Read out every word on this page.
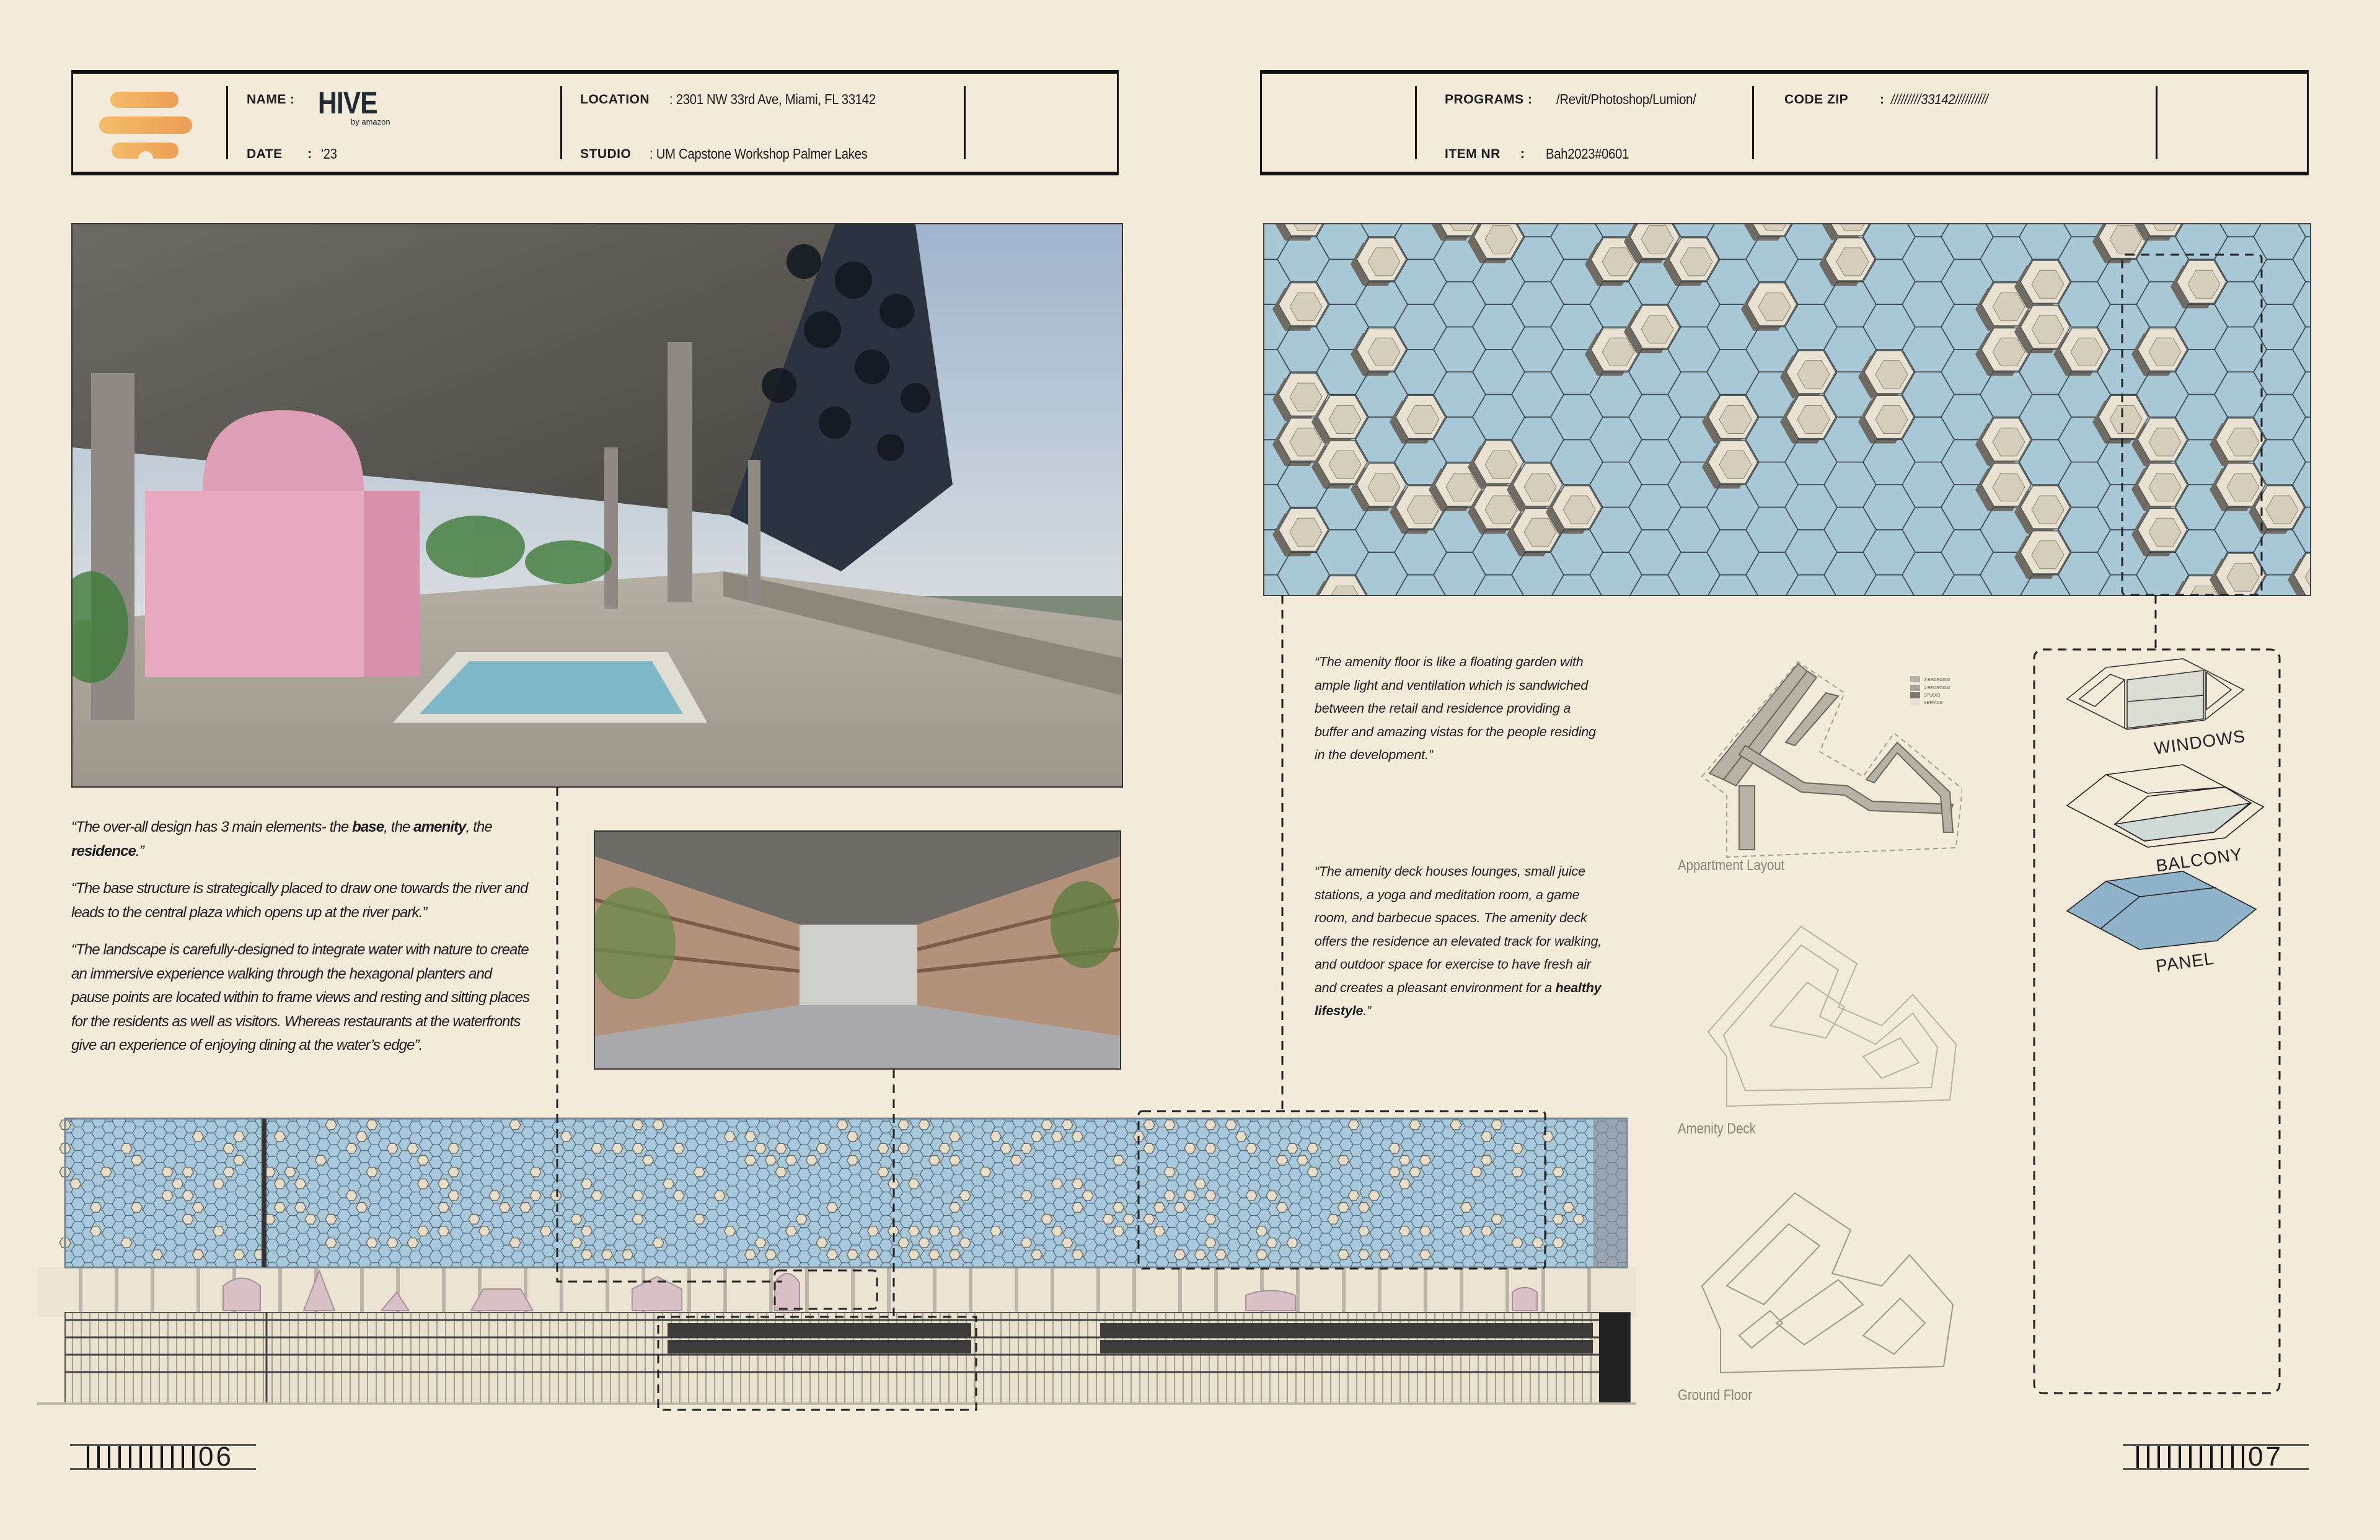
NAME : HIVE
by amazon
DATE : '23
LOCATION : 2301 NW 33rd Ave, Miami, FL 33142
STUDIO : UM Capstone Workshop Palmer Lakes
PROGRAMS : /Revit/Photoshop/Lumion/
ITEM NR : Bah2023#0601
CODE ZIP : /////////33142//////////

“The over-all design has 3 main elements- the base, the amenity, the residence.”

“The base structure is strategically placed to draw one towards the river and leads to the central plaza which opens up at the river park.”

“The landscape is carefully-designed to integrate water with nature to create an immersive experience walking through the hexagonal planters and pause points are located within to frame views and resting and sitting places for the residents as well as visitors. Whereas restaurants at the waterfronts give an experience of enjoying dining at the water’s edge”.

“The amenity floor is like a floating garden with ample light and ventilation which is sandwiched between the retail and residence providing a buffer and amazing vistas for the people residing in the development.”

“The amenity deck houses lounges, small juice stations, a yoga and meditation room, a game room, and barbecue spaces. The amenity deck offers the residence an elevated track for walking, and outdoor space for exercise to have fresh air and creates a pleasant environment for a healthy lifestyle.”

2 BEDROOM
1 BEDROOM
STUDIO
SERVICE
Appartment Layout
Amenity Deck
Ground Floor
WINDOWS
BALCONY
PANEL
06	07
